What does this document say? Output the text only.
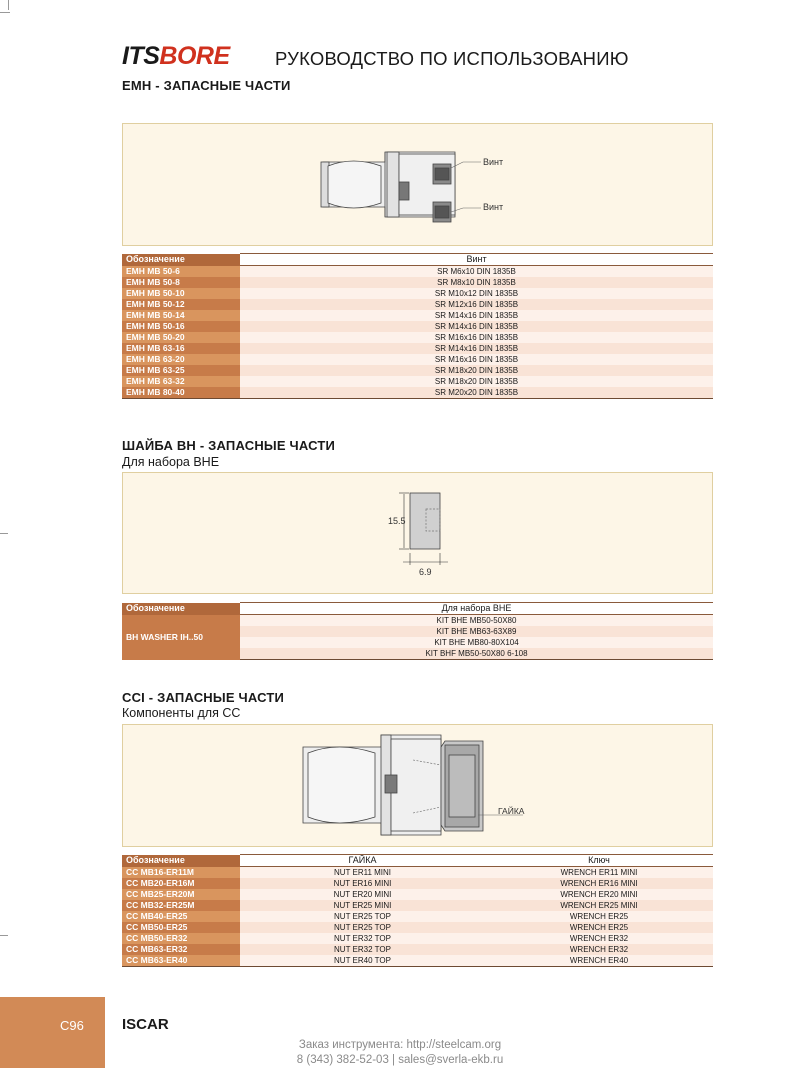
ITSBORE РУКОВОДСТВО ПО ИСПОЛЬЗОВАНИЮ
EMH - ЗАПАСНЫЕ ЧАСТИ
Винт
Винт
Обозначение	Винт
EMH MB 50-6	SR M6x10 DIN 1835B
EMH MB 50-8	SR M8x10 DIN 1835B
EMH MB 50-10	SR M10x12 DIN 1835B
EMH MB 50-12	SR M12x16 DIN 1835B
EMH MB 50-14	SR M14x16 DIN 1835B
EMH MB 50-16	SR M14x16 DIN 1835B
EMH MB 50-20	SR M16x16 DIN 1835B
EMH MB 63-16	SR M14x16 DIN 1835B
EMH MB 63-20	SR M16x16 DIN 1835B
EMH MB 63-25	SR M18x20 DIN 1835B
EMH MB 63-32	SR M18x20 DIN 1835B
EMH MB 80-40	SR M20x20 DIN 1835B
ШАЙБА BH - ЗАПАСНЫЕ ЧАСТИ
Для набора BHE
15.5
6.9
Обозначение	Для набора BHE
BH WASHER IH..50	KIT BHE MB50-50X80
	KIT BHE MB63-63X89
	KIT BHE MB80-80X104
	KIT BHF MB50-50X80 6-108
CCI - ЗАПАСНЫЕ ЧАСТИ
Компоненты для CC
ГАЙКА
Обозначение	ГАЙКА	Ключ
CC MB16-ER11M	NUT ER11 MINI	WRENCH ER11 MINI
CC MB20-ER16M	NUT ER16 MINI	WRENCH ER16 MINI
CC MB25-ER20M	NUT ER20 MINI	WRENCH ER20 MINI
CC MB32-ER25M	NUT ER25 MINI	WRENCH ER25 MINI
CC MB40-ER25	NUT ER25 TOP	WRENCH ER25
CC MB50-ER25	NUT ER25 TOP	WRENCH ER25
CC MB50-ER32	NUT ER32 TOP	WRENCH ER32
CC MB63-ER32	NUT ER32 TOP	WRENCH ER32
CC MB63-ER40	NUT ER40 TOP	WRENCH ER40
C96	ISCAR
Заказ инструмента: http://steelcam.org
8 (343) 382-52-03 | sales@sverla-ekb.ru
